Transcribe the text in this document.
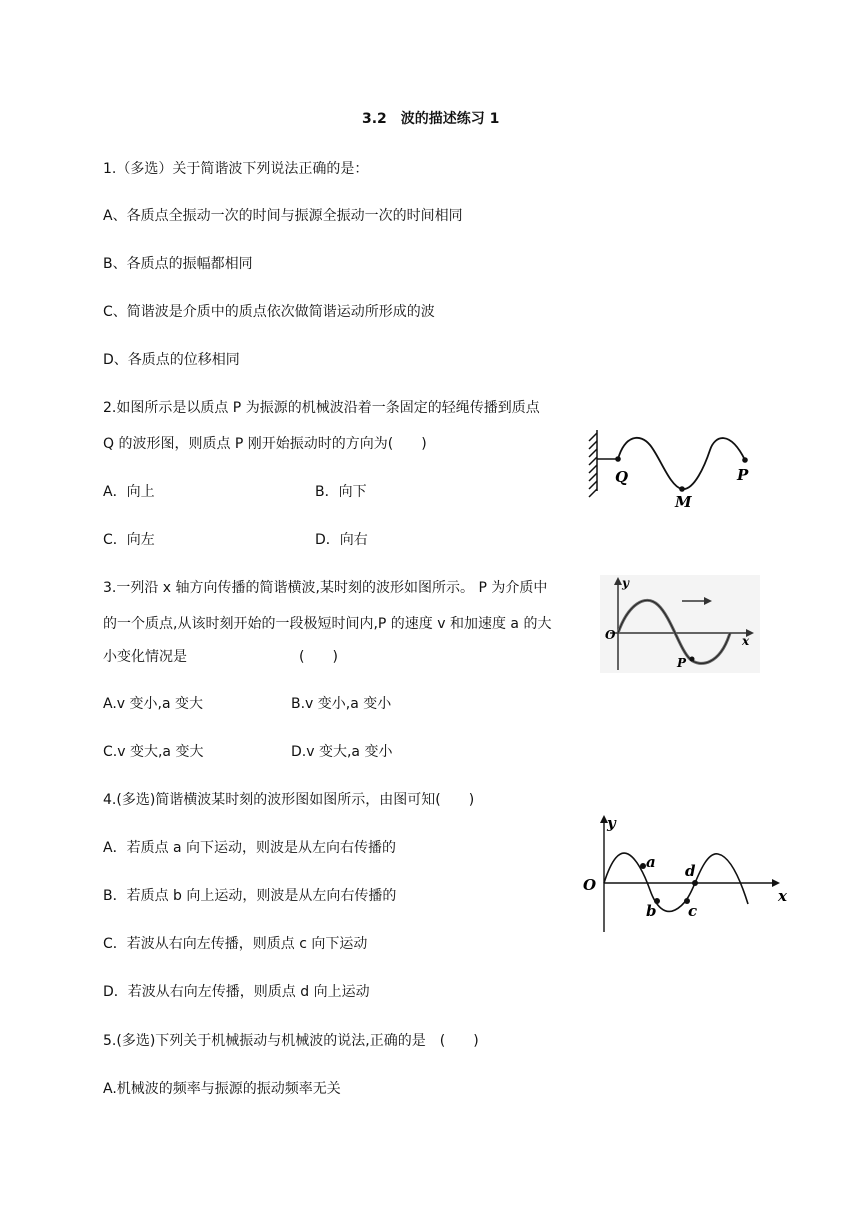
3.2　波的描述练习 1
1.（多选）关于简谐波下列说法正确的是：
A、各质点全振动一次的时间与振源全振动一次的时间相同
B、各质点的振幅都相同
C、简谐波是介质中的质点依次做简谐运动所形成的波
D、各质点的位移相同
2.如图所示是以质点 P 为振源的机械波沿着一条固定的轻绳传播到质点
Q 的波形图，则质点 P 刚开始振动时的方向为(　　)
A．向上	B．向下
C．向左	D．向右
Q
M
P
3.一列沿 x 轴方向传播的简谐横波,某时刻的波形如图所示。 P 为介质中
的一个质点,从该时刻开始的一段极短时间内,P 的速度 v 和加速度 a 的大
小变化情况是　　　　　　　　(　　)
A.v 变小,a 变大	B.v 变小,a 变小
C.v 变大,a 变大	D.v 变大,a 变小
y
O	x
P
4.(多选)简谐横波某时刻的波形图如图所示，由图可知(　　)
A．若质点 a 向下运动，则波是从左向右传播的
B．若质点 b 向上运动，则波是从左向右传播的
C．若波从右向左传播，则质点 c 向下运动
D．若波从右向左传播，则质点 d 向上运动
y
O
x
a
b c
d
5.(多选)下列关于机械振动与机械波的说法,正确的是　(　　)
A.机械波的频率与振源的振动频率无关
